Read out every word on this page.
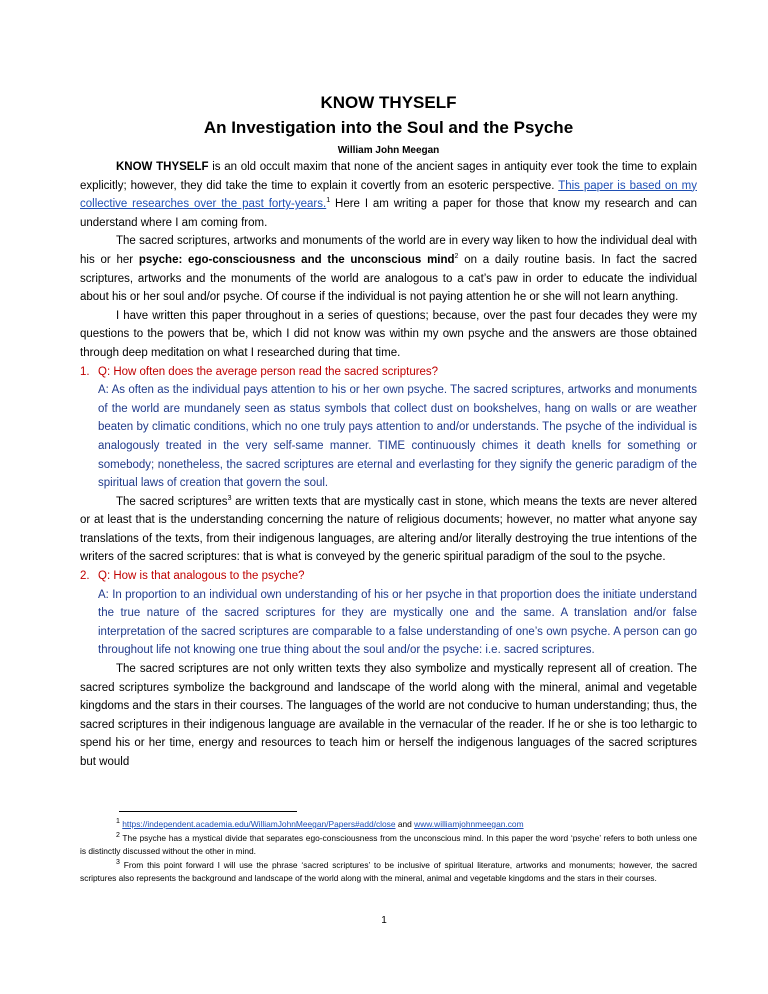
KNOW THYSELF

An Investigation into the Soul and the Psyche

William John Meegan

KNOW THYSELF is an old occult maxim that none of the ancient sages in antiquity ever took the time to explain explicitly; however, they did take the time to explain it covertly from an esoteric perspective. This paper is based on my collective researches over the past forty-years.$^1$ Here I am writing a paper for those that know my research and can understand where I am coming from.

The sacred scriptures, artworks and monuments of the world are in every way liken to how the individual deal with his or her psyche: ego-consciousness and the unconscious mind$^2$ on a daily routine basis. In fact the sacred scriptures, artworks and the monuments of the world are analogous to a cat’s paw in order to educate the individual about his or her soul and/or psyche. Of course if the individual is not paying attention he or she will not learn anything.

I have written this paper throughout in a series of questions; because, over the past four decades they were my questions to the powers that be, which I did not know was within my own psyche and the answers are those obtained through deep meditation on what I researched during that time.

1. Q: How often does the average person read the sacred scriptures?

A: As often as the individual pays attention to his or her own psyche. The sacred scriptures, artworks and monuments of the world are mundanely seen as status symbols that collect dust on bookshelves, hang on walls or are weather beaten by climatic conditions, which no one truly pays attention to and/or understands. The psyche of the individual is analogously treated in the very self-same manner. TIME continuously chimes it death knells for something or somebody; nonetheless, the sacred scriptures are eternal and everlasting for they signify the generic paradigm of the spiritual laws of creation that govern the soul.

The sacred scriptures$^3$ are written texts that are mystically cast in stone, which means the texts are never altered or at least that is the understanding concerning the nature of religious documents; however, no matter what anyone say translations of the texts, from their indigenous languages, are altering and/or literally destroying the true intentions of the writers of the sacred scriptures: that is what is conveyed by the generic spiritual paradigm of the soul to the psyche.

2. Q: How is that analogous to the psyche?

A: In proportion to an individual own understanding of his or her psyche in that proportion does the initiate understand the true nature of the sacred scriptures for they are mystically one and the same. A translation and/or false interpretation of the sacred scriptures are comparable to a false understanding of one’s own psyche. A person can go throughout life not knowing one true thing about the soul and/or the psyche: i.e. sacred scriptures.

The sacred scriptures are not only written texts they also symbolize and mystically represent all of creation. The sacred scriptures symbolize the background and landscape of the world along with the mineral, animal and vegetable kingdoms and the stars in their courses. The languages of the world are not conducive to human understanding; thus, the sacred scriptures in their indigenous language are available in the vernacular of the reader. If he or she is too lethargic to spend his or her time, energy and resources to teach him or herself the indigenous languages of the sacred scriptures but would

$^1$ https://independent.academia.edu/WilliamJohnMeegan/Papers#add/close and www.williamjohnmeegan.com
$^2$ The psyche has a mystical divide that separates ego-consciousness from the unconscious mind. In this paper the word ‘psyche’ refers to both unless one is distinctly discussed without the other in mind.
$^3$ From this point forward I will use the phrase ‘sacred scriptures’ to be inclusive of spiritual literature, artworks and monuments; however, the sacred scriptures also represents the background and landscape of the world along with the mineral, animal and vegetable kingdoms and the stars in their courses.
1
